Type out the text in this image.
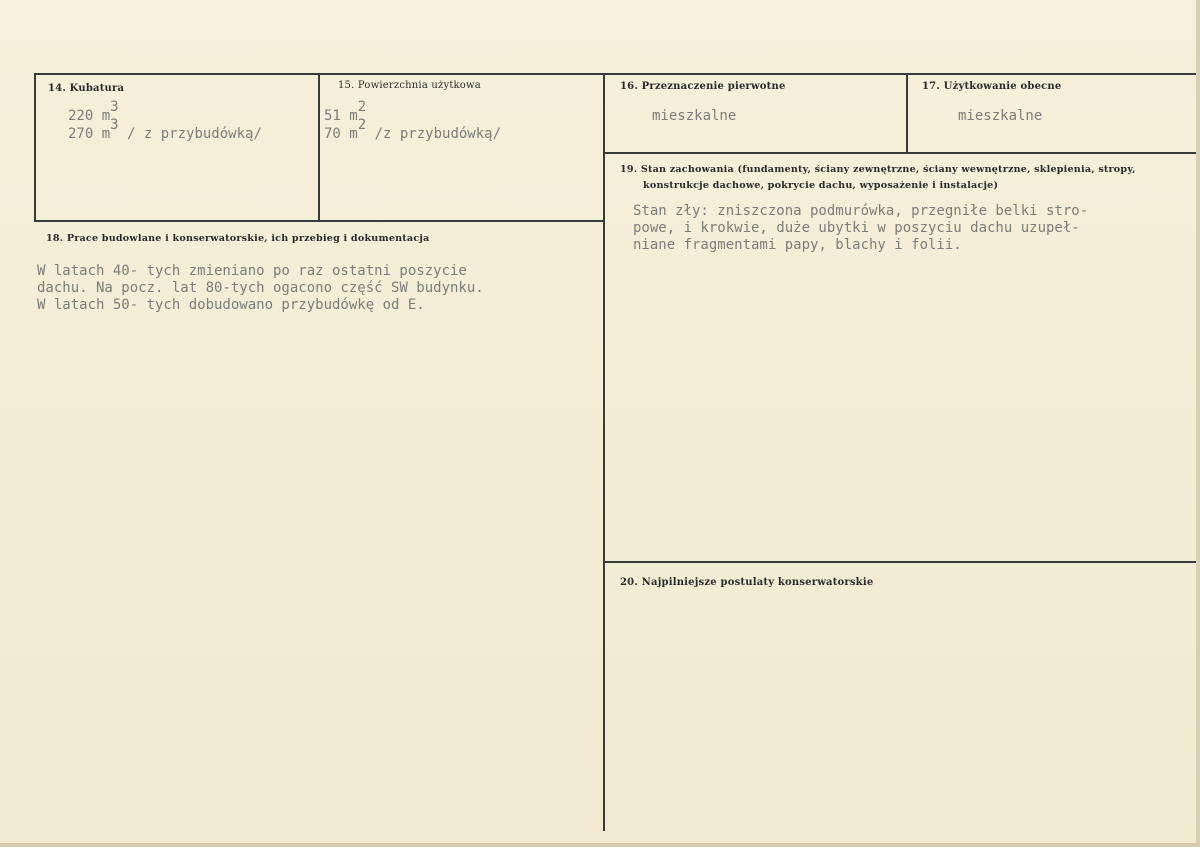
14. Kubatura
220 m3
270 m3 / z przybudówką/
15. Powierzchnia użytkowa
51 m2
70 m2 /z przybudówką/
16. Przeznaczenie pierwotne
mieszkalne
17. Użytkowanie obecne
mieszkalne
19. Stan zachowania (fundamenty, ściany zewnętrzne, ściany wewnętrzne, sklepienia, stropy,
konstrukcje dachowe, pokrycie dachu, wyposażenie i instalacje)
Stan zły: zniszczona podmurówka, przegniłe belki stro-
powe, i krokwie, duże ubytki w poszyciu dachu uzupeł-
niane fragmentami papy, blachy i folii.
18. Prace budowlane i konserwatorskie, ich przebieg i dokumentacja
W latach 40- tych zmieniano po raz ostatni poszycie
dachu. Na pocz. lat 80-tych ogacono część SW budynku.
W latach 50- tych dobudowano przybudówkę od E.
20. Najpilniejsze postulaty konserwatorskie
